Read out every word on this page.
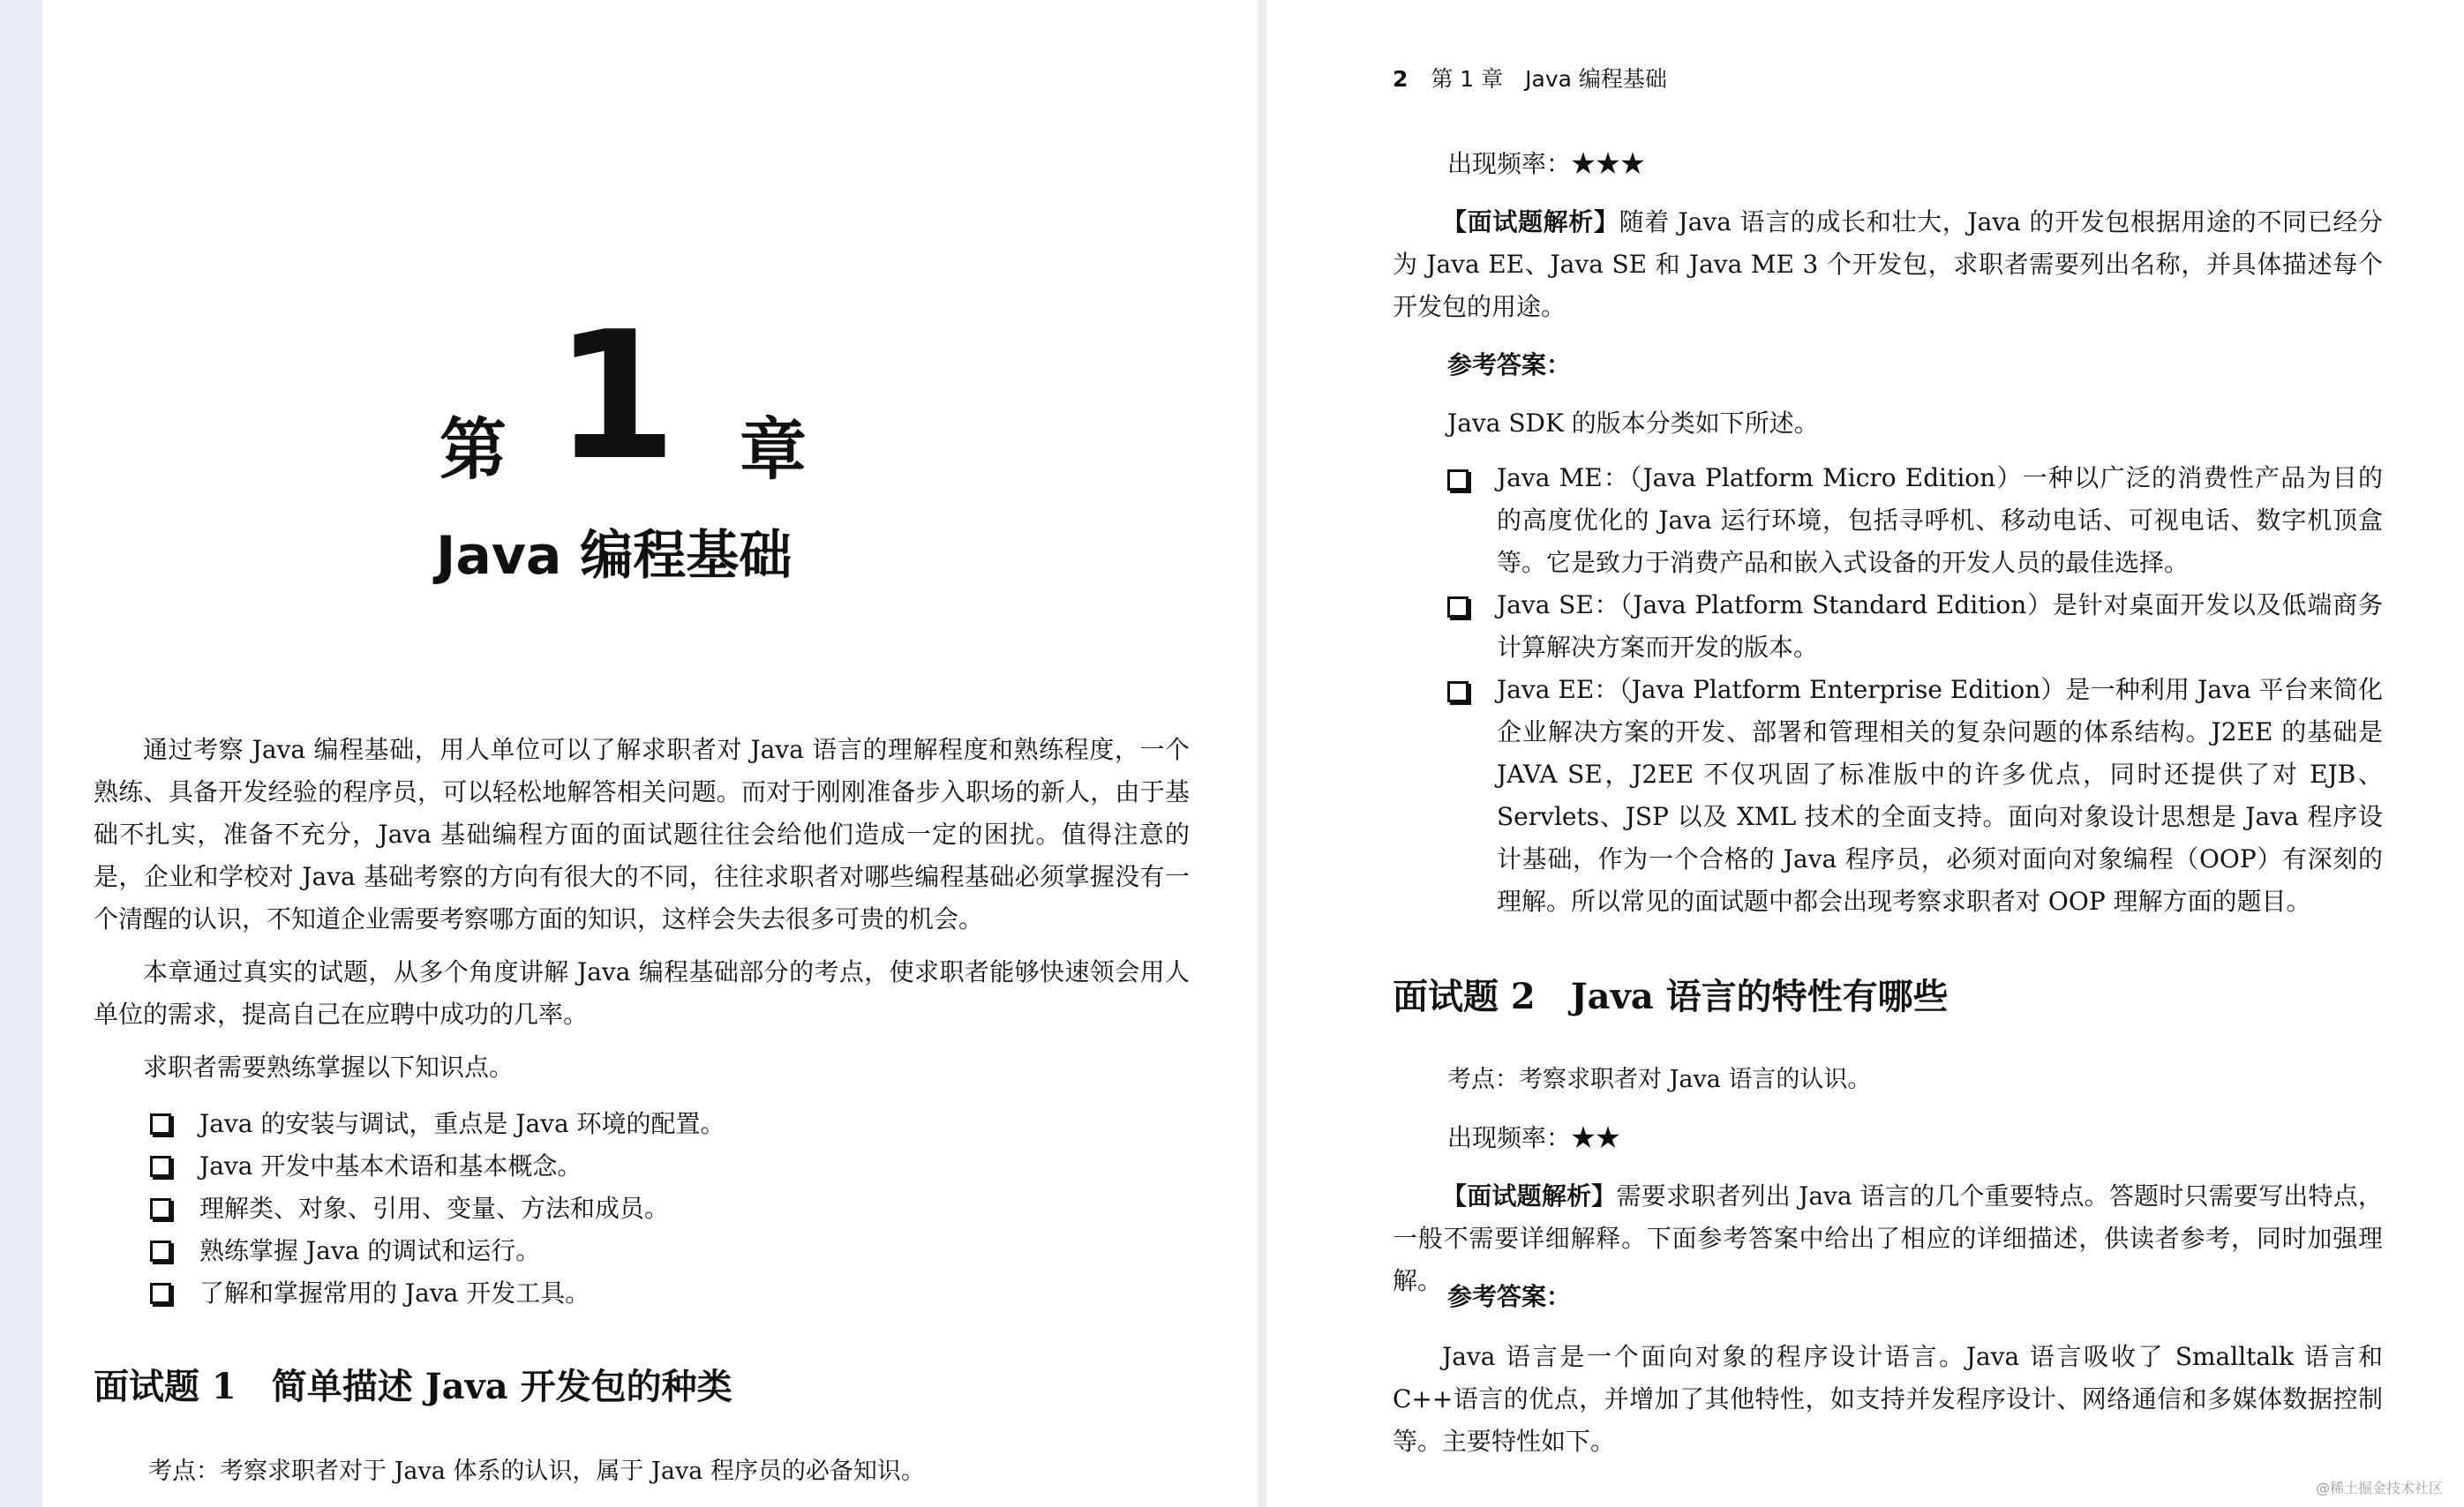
第 1 章
Java 编程基础

通过考察 Java 编程基础，用人单位可以了解求职者对 Java 语言的理解程度和熟练程度，一个熟练、具备开发经验的程序员，可以轻松地解答相关问题。而对于刚刚准备步入职场的新人，由于基础不扎实，准备不充分，Java 基础编程方面的面试题往往会给他们造成一定的困扰。值得注意的是，企业和学校对 Java 基础考察的方向有很大的不同，往往求职者对哪些编程基础必须掌握没有一个清醒的认识，不知道企业需要考察哪方面的知识，这样会失去很多可贵的机会。

本章通过真实的试题，从多个角度讲解 Java 编程基础部分的考点，使求职者能够快速领会用人单位的需求，提高自己在应聘中成功的几率。

求职者需要熟练掌握以下知识点。

Java 的安装与调试，重点是 Java 环境的配置。
Java 开发中基本术语和基本概念。
理解类、对象、引用、变量、方法和成员。
熟练掌握 Java 的调试和运行。
了解和掌握常用的 Java 开发工具。
面试题 1　简单描述 Java 开发包的种类
考点：考察求职者对于 Java 体系的认识，属于 Java 程序员的必备知识。
2 第 1 章　Java 编程基础
出现频率：★★★

【面试题解析】随着 Java 语言的成长和壮大，Java 的开发包根据用途的不同已经分为 Java EE、Java SE 和 Java ME 3 个开发包，求职者需要列出名称，并具体描述每个开发包的用途。

参考答案：
Java SDK 的版本分类如下所述。

Java ME：（Java Platform Micro Edition）一种以广泛的消费性产品为目的的高度优化的 Java 运行环境，包括寻呼机、移动电话、可视电话、数字机顶盒等。它是致力于消费产品和嵌入式设备的开发人员的最佳选择。

Java SE：（Java Platform Standard Edition）是针对桌面开发以及低端商务计算解决方案而开发的版本。

Java EE：（Java Platform Enterprise Edition）是一种利用 Java 平台来简化企业解决方案的开发、部署和管理相关的复杂问题的体系结构。J2EE 的基础是 JAVA SE，J2EE 不仅巩固了标准版中的许多优点，同时还提供了对 EJB、Servlets、JSP 以及 XML 技术的全面支持。面向对象设计思想是 Java 程序设计基础，作为一个合格的 Java 程序员，必须对面向对象编程（OOP）有深刻的理解。所以常见的面试题中都会出现考察求职者对 OOP 理解方面的题目。

面试题 2　Java 语言的特性有哪些
考点：考察求职者对 Java 语言的认识。
出现频率：★★

【面试题解析】需要求职者列出 Java 语言的几个重要特点。答题时只需要写出特点，一般不需要详细解释。下面参考答案中给出了相应的详细描述，供读者参考，同时加强理解。

参考答案：

Java 语言是一个面向对象的程序设计语言。Java 语言吸收了 Smalltalk 语言和 C++语言的优点，并增加了其他特性，如支持并发程序设计、网络通信和多媒体数据控制等。主要特性如下。

@稀土掘金技术社区
